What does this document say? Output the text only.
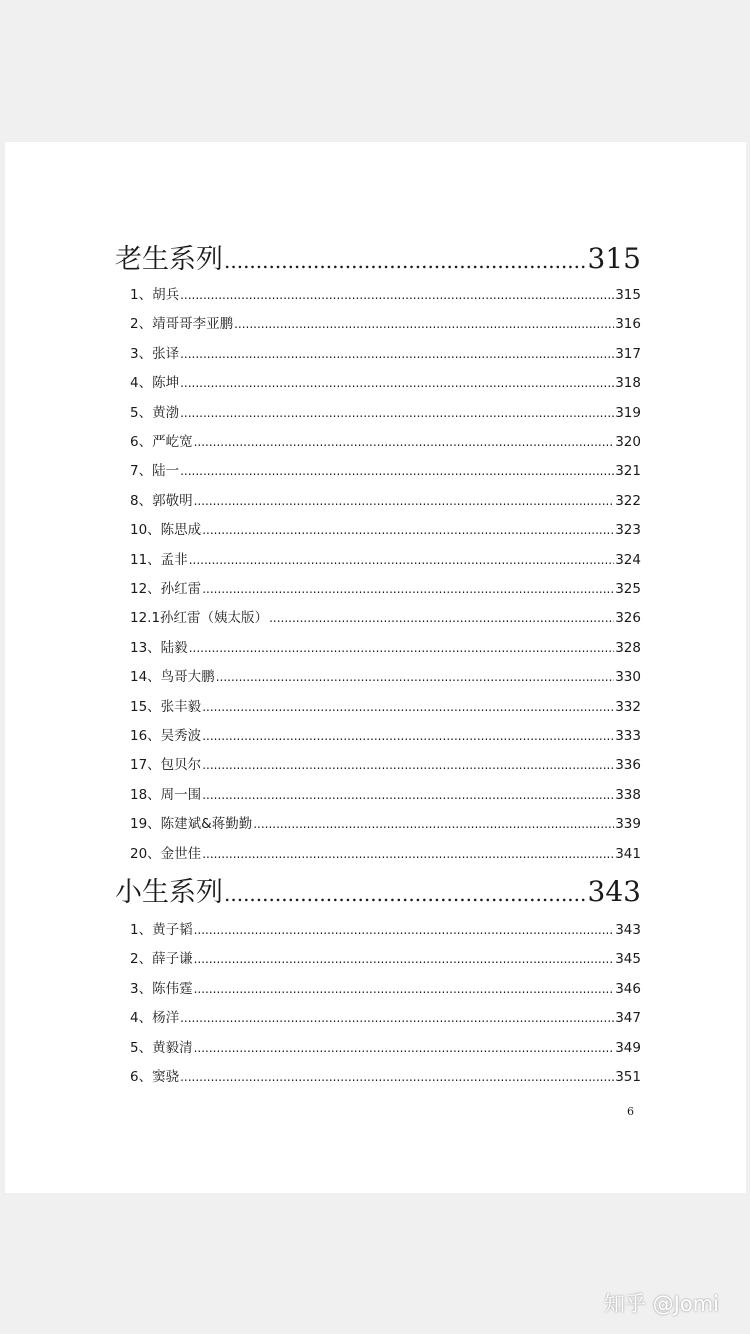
老生系列 .....	315
1、胡兵 .....	315
2、靖哥哥李亚鹏 .....	316
3、张译 .....	317
4、陈坤 .....	318
5、黄渤 .....	319
6、严屹宽 .....	320
7、陆一 .....	321
8、郭敬明 .....	322
10、陈思成 .....	323
11、孟非 .....	324
12、孙红雷 .....	325
12.1孙红雷（姨太版） .....	326
13、陆毅 .....	328
14、鸟哥大鹏 .....	330
15、张丰毅 .....	332
16、吴秀波 .....	333
17、包贝尔 .....	336
18、周一围 .....	338
19、陈建斌&蒋勤勤 .....	339
20、金世佳 .....	341
小生系列 .....	343
1、黄子韬 .....	343
2、薛子谦 .....	345
3、陈伟霆 .....	346
4、杨洋 .....	347
5、黄毅清 .....	349
6、窦骁 .....	351
6
知乎 @Jomi
